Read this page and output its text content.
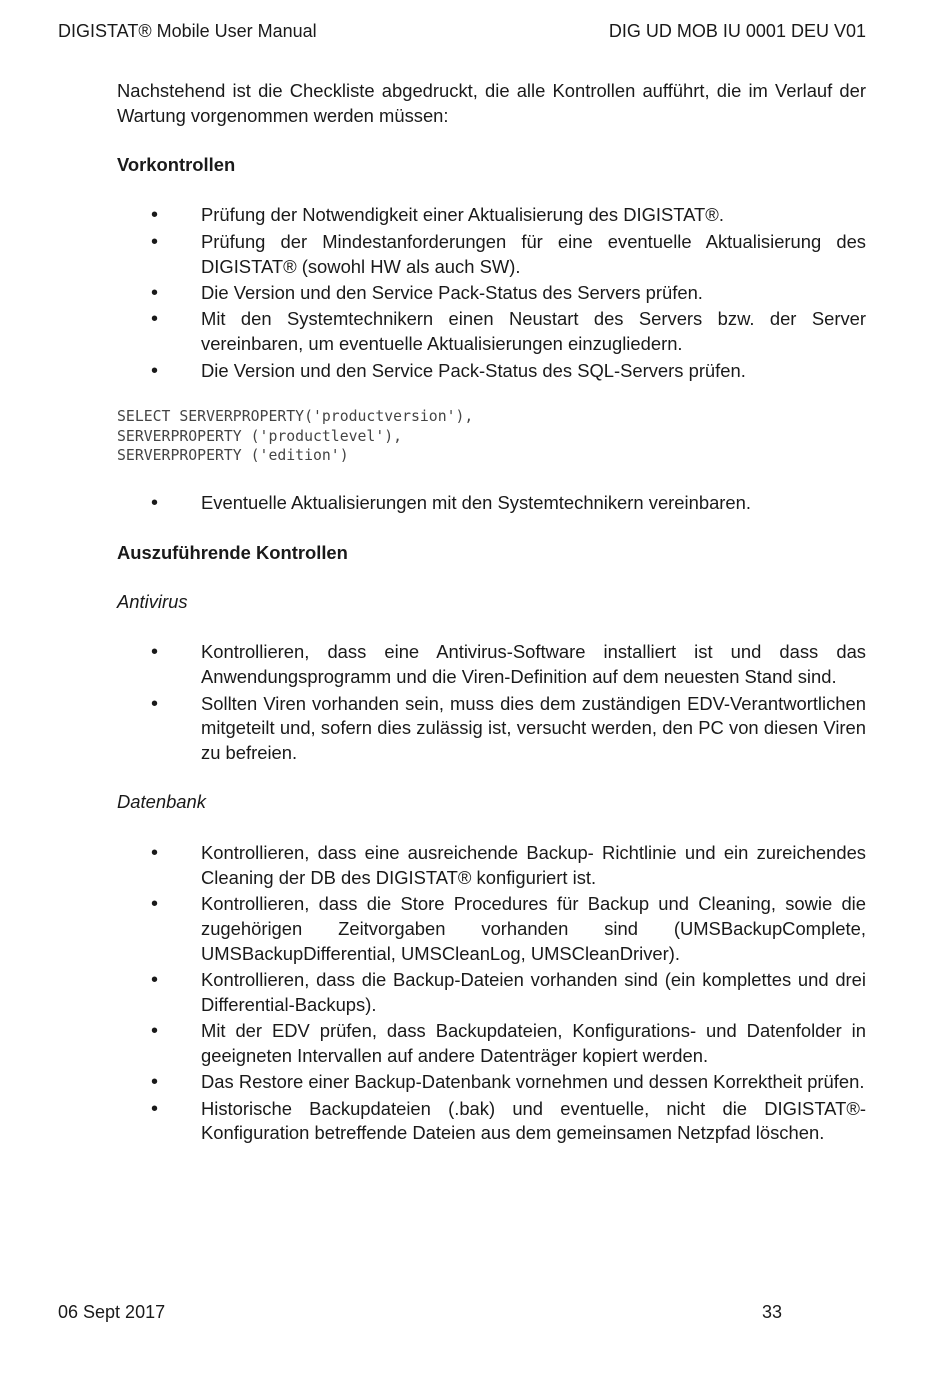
DIGISTAT® Mobile User Manual	DIG UD MOB IU 0001 DEU V01

Nachstehend ist die Checkliste abgedruckt, die alle Kontrollen aufführt, die im Verlauf der Wartung vorgenommen werden müssen:

Vorkontrollen
• Prüfung der Notwendigkeit einer Aktualisierung des DIGISTAT®.
• Prüfung der Mindestanforderungen für eine eventuelle Aktualisierung des DIGISTAT® (sowohl HW als auch SW).
• Die Version und den Service Pack-Status des Servers prüfen.
• Mit den Systemtechnikern einen Neustart des Servers bzw. der Server vereinbaren, um eventuelle Aktualisierungen einzugliedern.
• Die Version und den Service Pack-Status des SQL-Servers prüfen.
SELECT SERVERPROPERTY('productversion'),
SERVERPROPERTY ('productlevel'),
SERVERPROPERTY ('edition')
• Eventuelle Aktualisierungen mit den Systemtechnikern vereinbaren.
Auszuführende Kontrollen
Antivirus
• Kontrollieren, dass eine Antivirus-Software installiert ist und dass das Anwendungsprogramm und die Viren-Definition auf dem neuesten Stand sind.
• Sollten Viren vorhanden sein, muss dies dem zuständigen EDV-Verantwortlichen mitgeteilt und, sofern dies zulässig ist, versucht werden, den PC von diesen Viren zu befreien.
Datenbank
• Kontrollieren, dass eine ausreichende Backup- Richtlinie und ein zureichendes Cleaning der DB des DIGISTAT® konfiguriert ist.
• Kontrollieren, dass die Store Procedures für Backup und Cleaning, sowie die zugehörigen Zeitvorgaben vorhanden sind (UMSBackupComplete, UMSBackupDifferential, UMSCleanLog, UMSCleanDriver).
• Kontrollieren, dass die Backup-Dateien vorhanden sind (ein komplettes und drei Differential-Backups).
• Mit der EDV prüfen, dass Backupdateien, Konfigurations- und Datenfolder in geeigneten Intervallen auf andere Datenträger kopiert werden.
• Das Restore einer Backup-Datenbank vornehmen und dessen Korrektheit prüfen.
• Historische Backupdateien (.bak) und eventuelle, nicht die DIGISTAT®-Konfiguration betreffende Dateien aus dem gemeinsamen Netzpfad löschen.
06 Sept 2017	33
